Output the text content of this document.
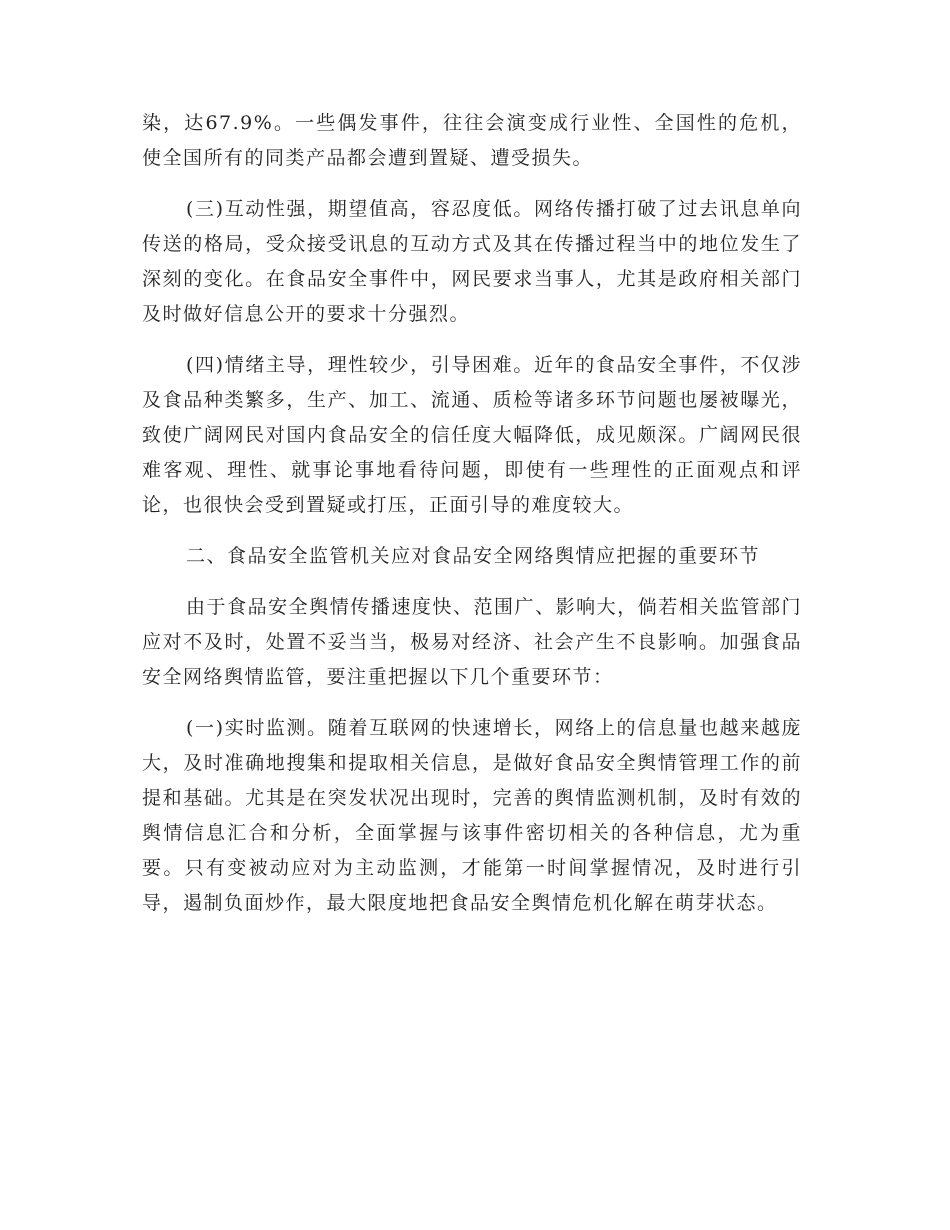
染，达67.9%。一些偶发事件，往往会演变成行业性、全国性的危机，使全国所有的同类产品都会遭到置疑、遭受损失。

(三)互动性强，期望值高，容忍度低。网络传播打破了过去讯息单向传送的格局，受众接受讯息的互动方式及其在传播过程当中的地位发生了深刻的变化。在食品安全事件中，网民要求当事人，尤其是政府相关部门及时做好信息公开的要求十分强烈。

(四)情绪主导，理性较少，引导困难。近年的食品安全事件，不仅涉及食品种类繁多，生产、加工、流通、质检等诸多环节问题也屡被曝光，致使广阔网民对国内食品安全的信任度大幅降低，成见颇深。广阔网民很难客观、理性、就事论事地看待问题，即使有一些理性的正面观点和评论，也很快会受到置疑或打压，正面引导的难度较大。

二、食品安全监管机关应对食品安全网络舆情应把握的重要环节

由于食品安全舆情传播速度快、范围广、影响大，倘若相关监管部门应对不及时，处置不妥当当，极易对经济、社会产生不良影响。加强食品安全网络舆情监管，要注重把握以下几个重要环节：

(一)实时监测。随着互联网的快速增长，网络上的信息量也越来越庞大，及时准确地搜集和提取相关信息，是做好食品安全舆情管理工作的前提和基础。尤其是在突发状况出现时，完善的舆情监测机制，及时有效的舆情信息汇合和分析，全面掌握与该事件密切相关的各种信息，尤为重要。只有变被动应对为主动监测，才能第一时间掌握情况，及时进行引导，遏制负面炒作，最大限度地把食品安全舆情危机化解在萌芽状态。
